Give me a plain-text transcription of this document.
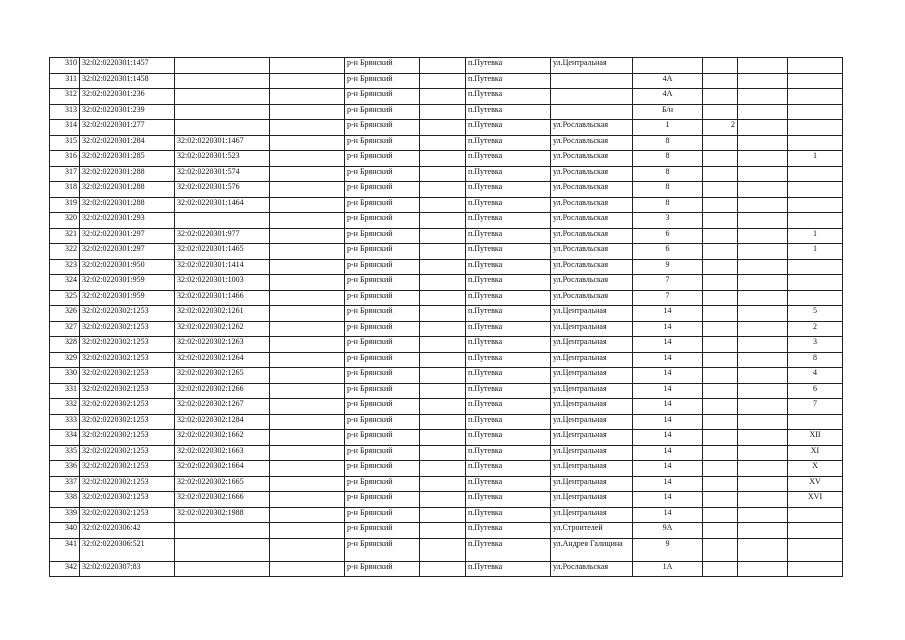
310	32:02:0220301:1457			р-н Брянский		п.Путевка	ул.Центральная				
311	32:02:0220301:1458			р-н Брянский		п.Путевка		4А			
312	32:02:0220301:236			р-н Брянский		п.Путевка		4А			
313	32:02:0220301:239			р-н Брянский		п.Путевка		Б/н			
314	32:02:0220301:277			р-н Брянский		п.Путевка	ул.Рославльская	1	2		
315	32:02:0220301:284	32:02:0220301:1467		р-н Брянский		п.Путевка	ул.Рославльская	8			
316	32:02:0220301:285	32:02:0220301:523		р-н Брянский		п.Путевка	ул.Рославльская	8			1
317	32:02:0220301:288	32:02:0220301:574		р-н Брянский		п.Путевка	ул.Рославльская	8			
318	32:02:0220301:288	32:02:0220301:576		р-н Брянский		п.Путевка	ул.Рославльская	8			
319	32:02:0220301:288	32:02:0220301:1464		р-н Брянский		п.Путевка	ул.Рославльская	8			
320	32:02:0220301:293			р-н Брянский		п.Путевка	ул.Рославльская	3			
321	32:02:0220301:297	32:02:0220301:977		р-н Брянский		п.Путевка	ул.Рославльская	6			1
322	32:02:0220301:297	32:02:0220301:1465		р-н Брянский		п.Путевка	ул.Рославльская	6			1
323	32:02:0220301:950	32:02:0220301:1414		р-н Брянский		п.Путевка	ул.Рославльская	9			
324	32:02:0220301:959	32:02:0220301:1003		р-н Брянский		п.Путевка	ул.Рославльская	7			
325	32:02:0220301:959	32:02:0220301:1466		р-н Брянский		п.Путевка	ул.Рославльская	7			
326	32:02:0220302:1253	32:02:0220302:1261		р-н Брянский		п.Путевка	ул.Центральная	14			5
327	32:02:0220302:1253	32:02:0220302:1262		р-н Брянский		п.Путевка	ул.Центральная	14			2
328	32:02:0220302:1253	32:02:0220302:1263		р-н Брянский		п.Путевка	ул.Центральная	14			3
329	32:02:0220302:1253	32:02:0220302:1264		р-н Брянский		п.Путевка	ул.Центральная	14			8
330	32:02:0220302:1253	32:02:0220302:1265		р-н Брянский		п.Путевка	ул.Центральная	14			4
331	32:02:0220302:1253	32:02:0220302:1266		р-н Брянский		п.Путевка	ул.Центральная	14			6
332	32:02:0220302:1253	32:02:0220302:1267		р-н Брянский		п.Путевка	ул.Центральная	14			7
333	32:02:0220302:1253	32:02:0220302:1284		р-н Брянский		п.Путевка	ул.Центральная	14			
334	32:02:0220302:1253	32:02:0220302:1662		р-н Брянский		п.Путевка	ул.Центральная	14			XII
335	32:02:0220302:1253	32:02:0220302:1663		р-н Брянский		п.Путевка	ул.Центральная	14			XI
336	32:02:0220302:1253	32:02:0220302:1664		р-н Брянский		п.Путевка	ул.Центральная	14			X
337	32:02:0220302:1253	32:02:0220302:1665		р-н Брянский		п.Путевка	ул.Центральная	14			XV
338	32:02:0220302:1253	32:02:0220302:1666		р-н Брянский		п.Путевка	ул.Центральная	14			XVI
339	32:02:0220302:1253	32:02:0220302:1988		р-н Брянский		п.Путевка	ул.Центральная	14			
340	32:02:0220306:42			р-н Брянский		п.Путевка	ул.Строителей	9А			
341	32:02:0220306:521			р-н Брянский		п.Путевка	ул.Андрея Галицина	9			
342	32:02:0220307:83			р-н Брянский		п.Путевка	ул.Рославльская	1А			
